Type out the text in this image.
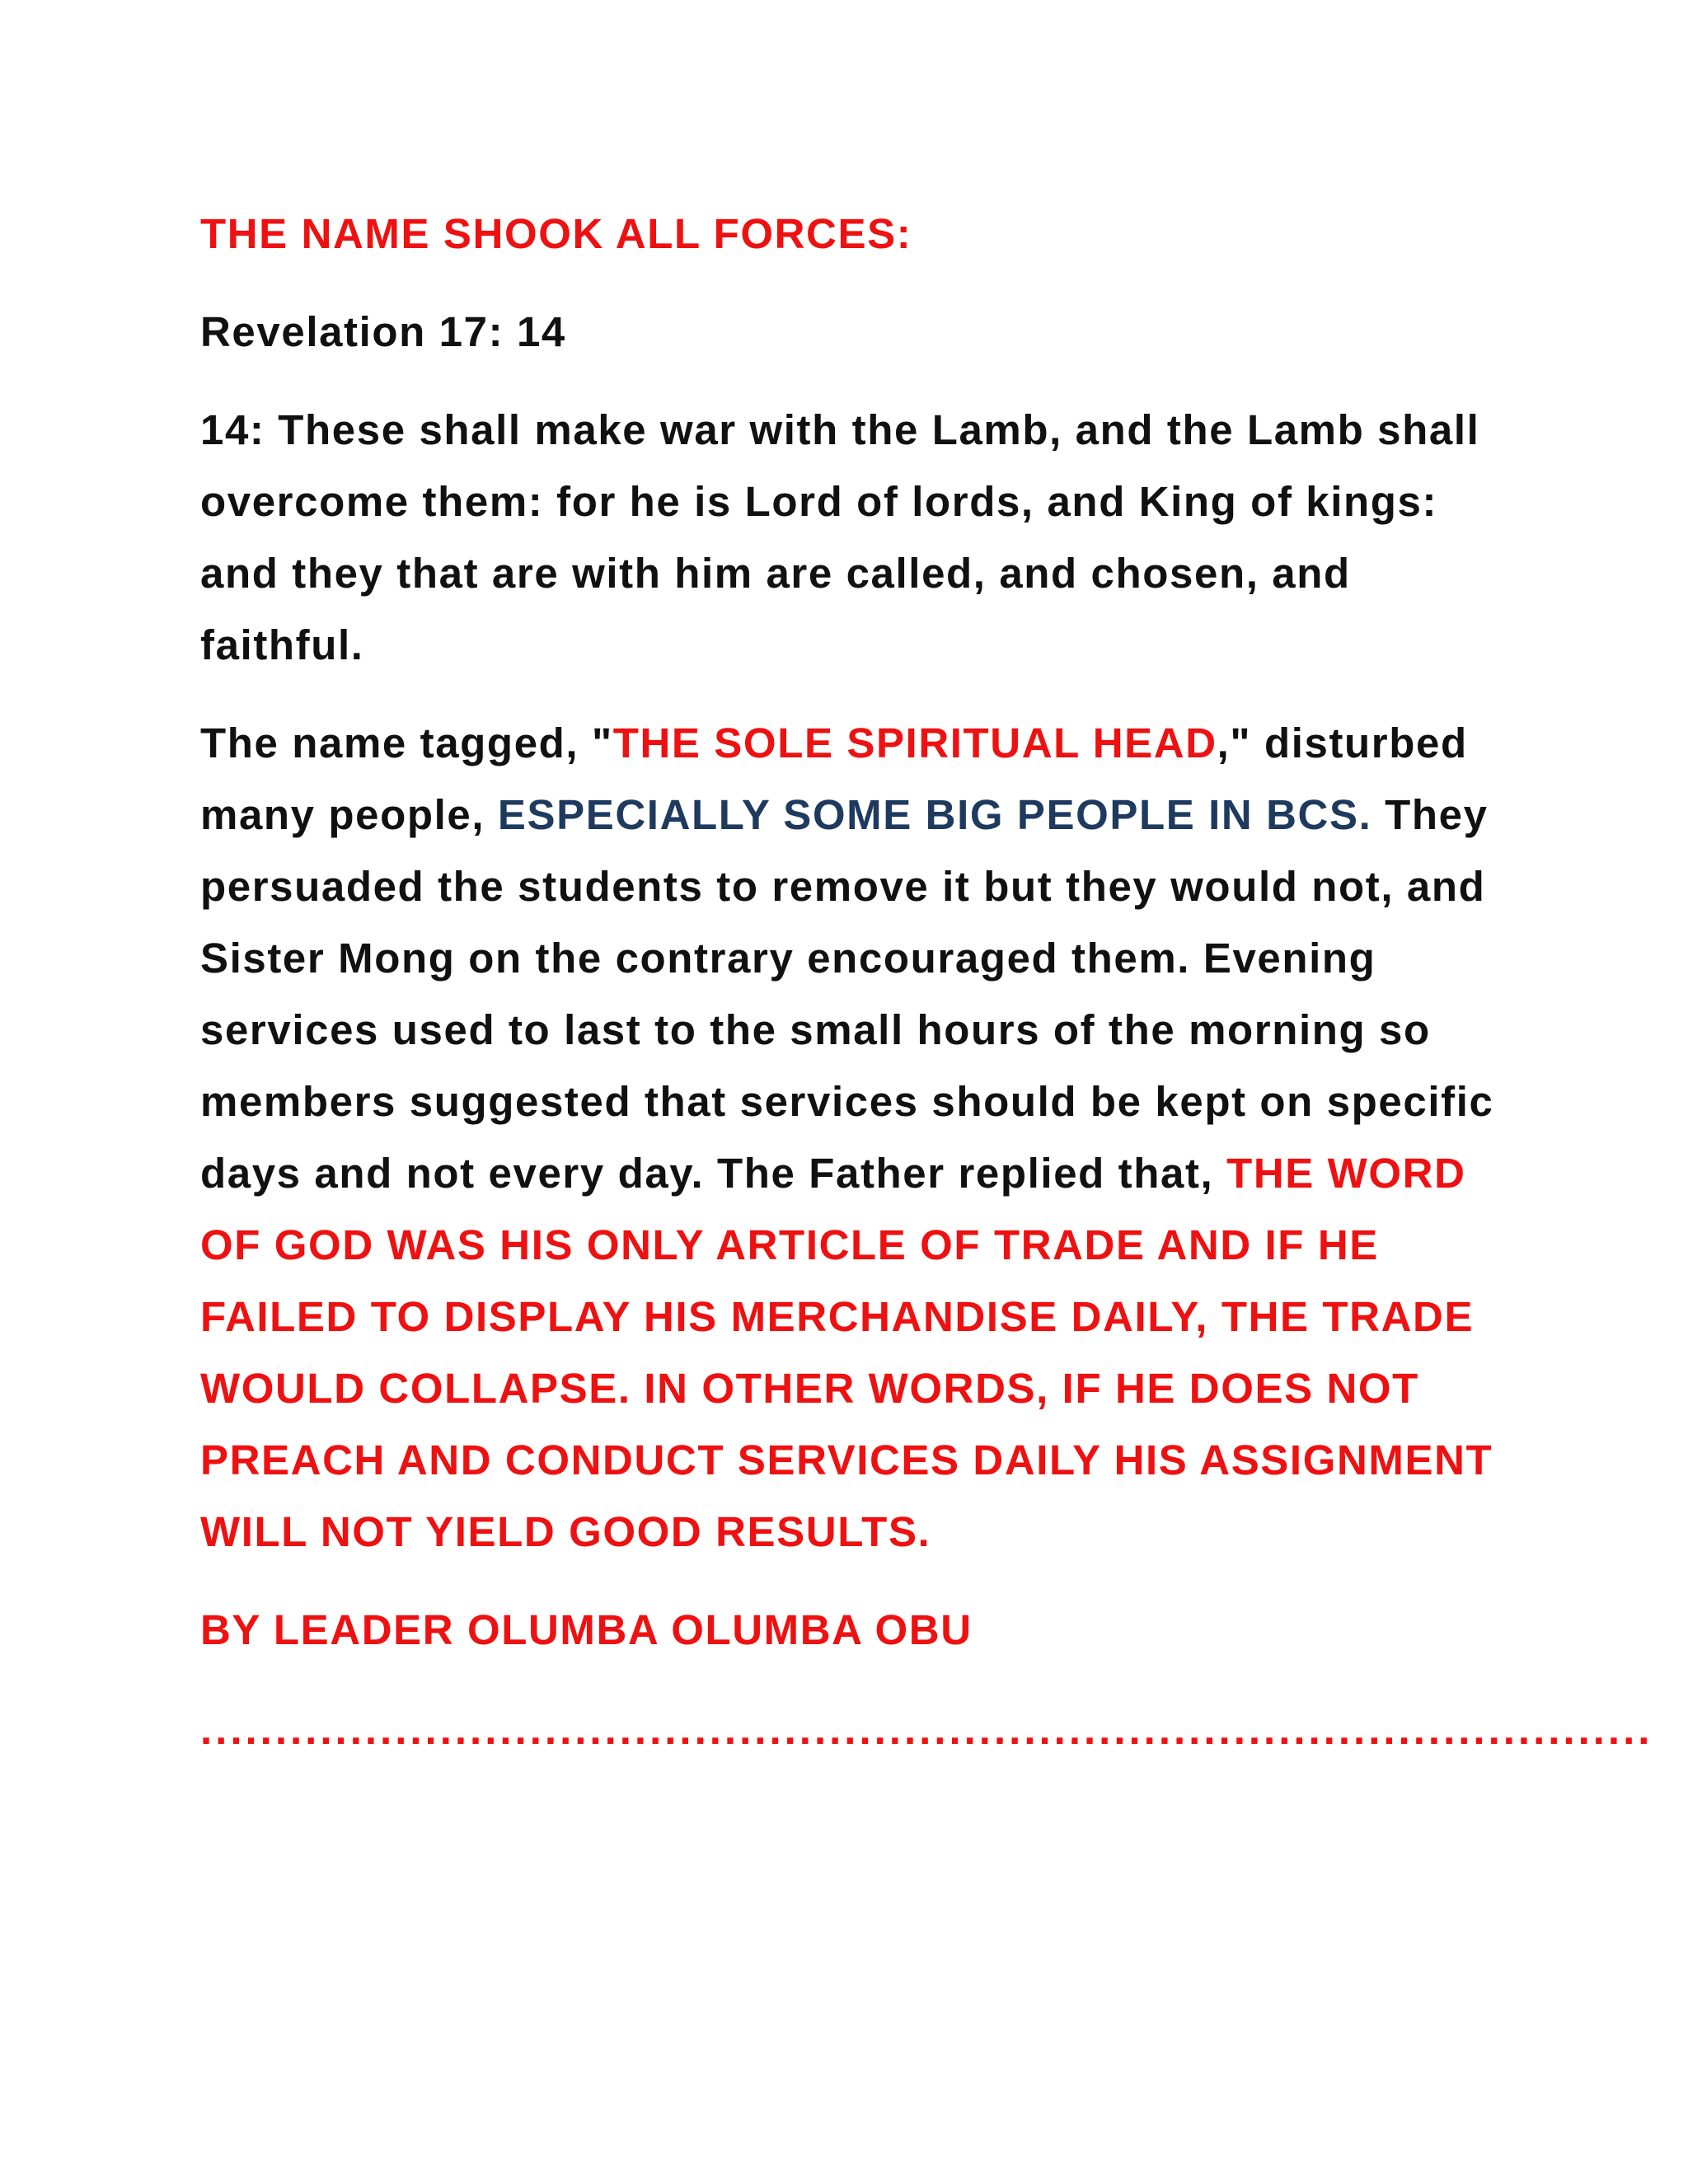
THE NAME SHOOK ALL FORCES:

Revelation 17: 14

14: These shall make war with the Lamb, and the Lamb shall overcome them: for he is Lord of lords, and King of kings: and they that are with him are called, and chosen, and faithful.

The name tagged, "THE SOLE SPIRITUAL HEAD," disturbed many people, ESPECIALLY SOME BIG PEOPLE IN BCS. They persuaded the students to remove it but they would not, and Sister Mong on the contrary encouraged them. Evening services used to last to the small hours of the morning so members suggested that services should be kept on specific days and not every day. The Father replied that, THE WORD OF GOD WAS HIS ONLY ARTICLE OF TRADE AND IF HE FAILED TO DISPLAY HIS MERCHANDISE DAILY, THE TRADE WOULD COLLAPSE. IN OTHER WORDS, IF HE DOES NOT PREACH AND CONDUCT SERVICES DAILY HIS ASSIGNMENT WILL NOT YIELD GOOD RESULTS.

BY LEADER OLUMBA OLUMBA OBU

.................................................................................................
